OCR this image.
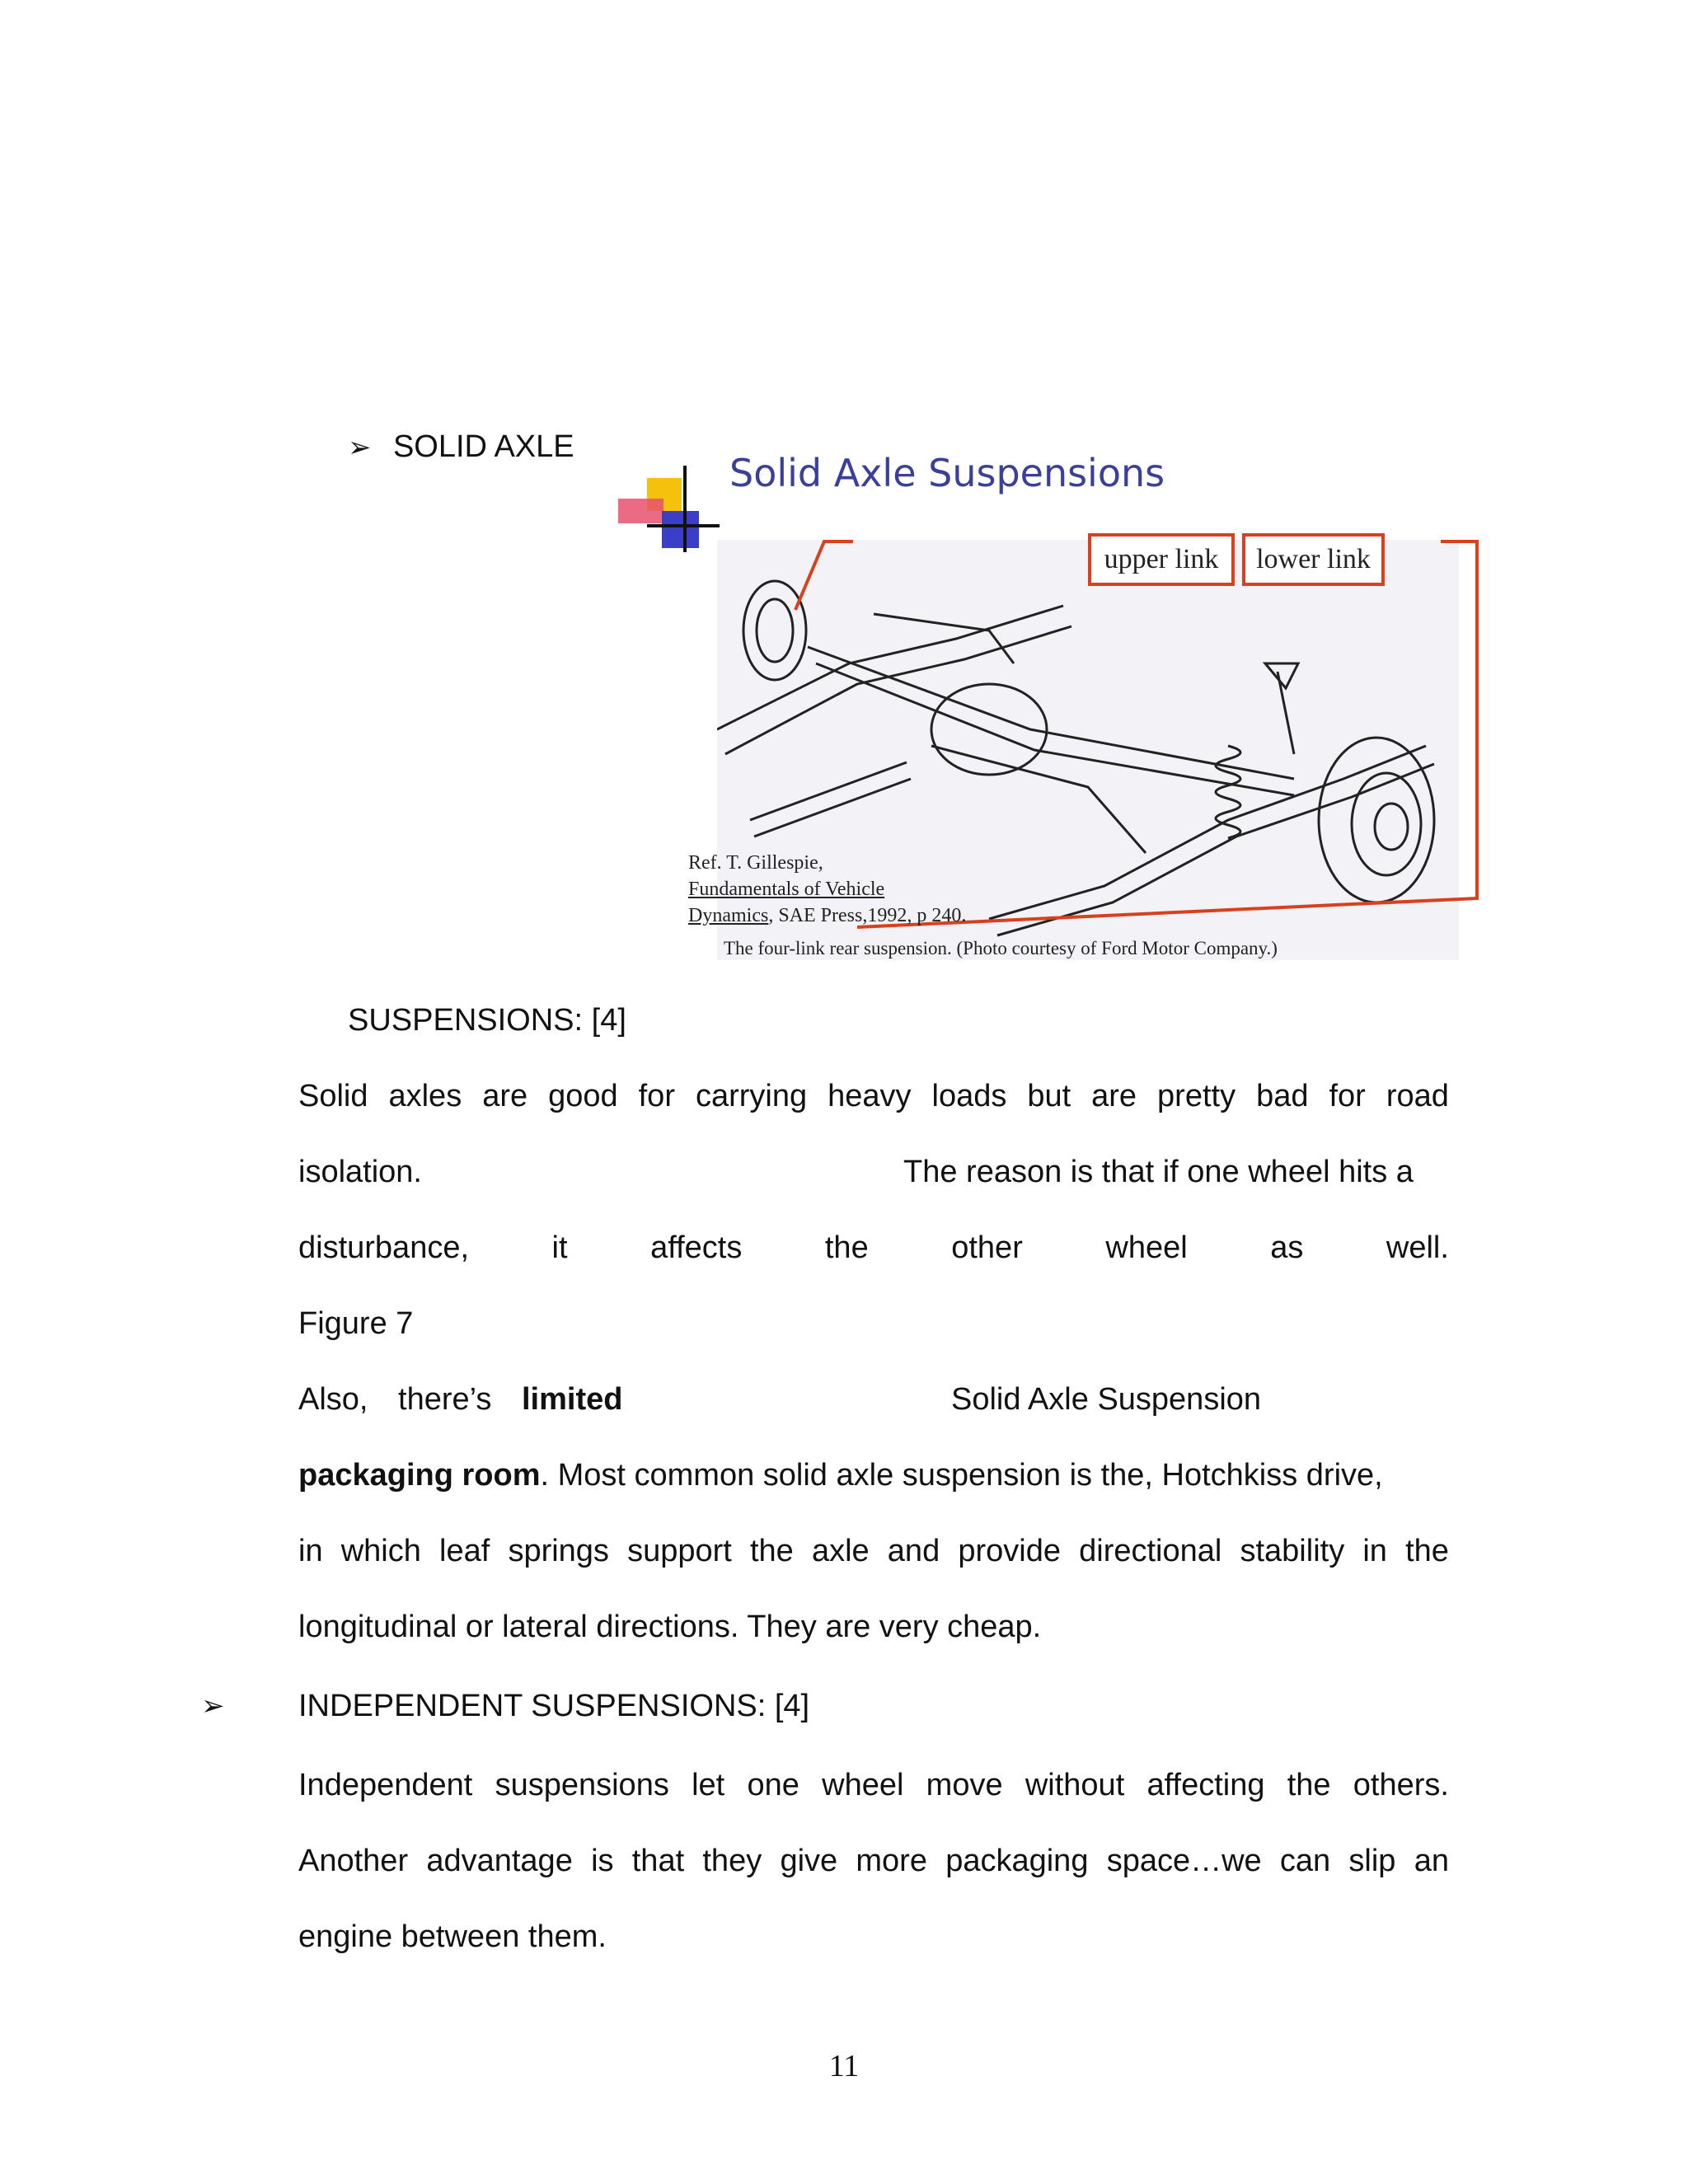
➢ SOLID AXLE
Solid Axle Suspensions
upper link	lower link
Ref. T. Gillespie,
Fundamentals of Vehicle
Dynamics, SAE Press,1992, p 240.
The four-link rear suspension. (Photo courtesy of Ford Motor Company.)
SUSPENSIONS: [4]
Solid axles are good for carrying heavy loads but are pretty bad for road
isolation.	The reason is that if one wheel hits a
disturbance,	it	affects	the	other	wheel	as	well.
Figure 7
Also, there’s limited	Solid Axle Suspension
packaging room. Most common solid axle suspension is the, Hotchkiss drive,
in which leaf springs support the axle and provide directional stability in the
longitudinal or lateral directions. They are very cheap.
➢ INDEPENDENT SUSPENSIONS: [4]
Independent suspensions let one wheel move without affecting the others.
Another advantage is that they give more packaging space…we can slip an
engine between them.
11
